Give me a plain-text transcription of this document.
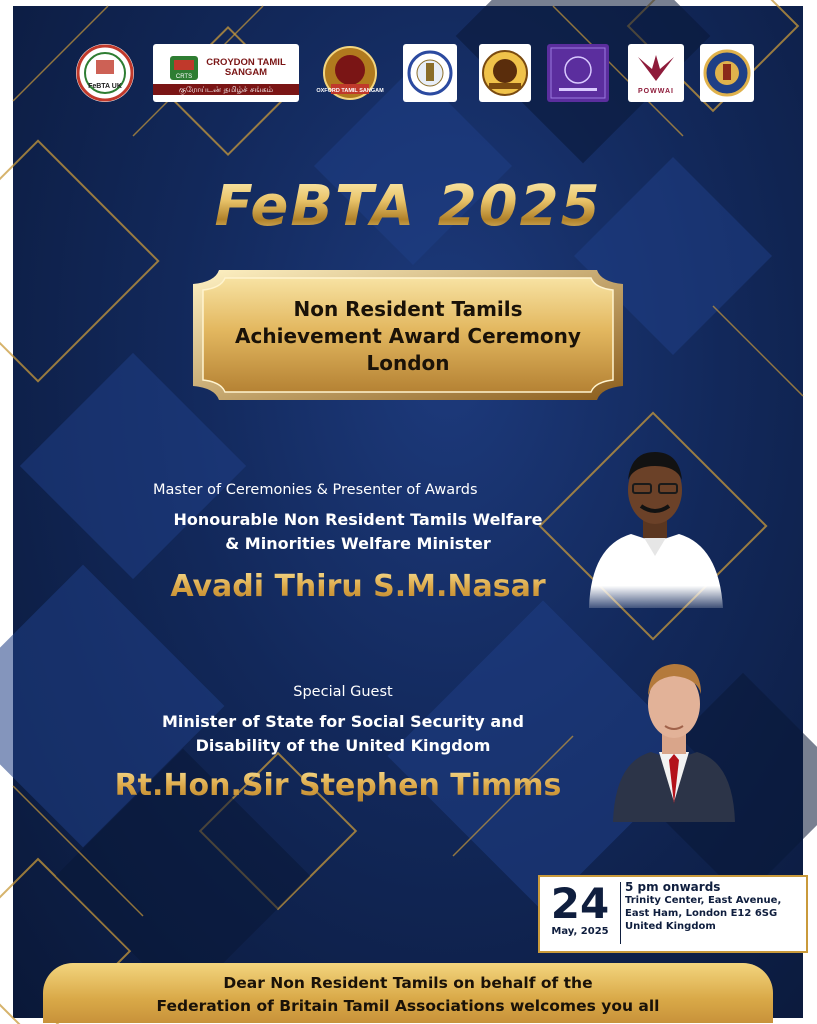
FeBTA UK
CRTS
CROYDON TAMIL SANGAM
குரோய்டன் தமிழ்ச் சங்கம்	OXFORD TAMIL SANGAM	POWWAI
FeBTA 2025
Non Resident Tamils
Achievement Award Ceremony
London
Master of Ceremonies & Presenter of Awards
Honourable Non Resident Tamils Welfare
& Minorities Welfare Minister
Avadi Thiru S.M.Nasar
Special Guest
Minister of State for Social Security and
Disability of the United Kingdom
Rt.Hon.Sir Stephen Timms
24
May, 2025
5 pm onwards
Trinity Center, East Avenue,
East Ham, London E12 6SG
United Kingdom
Dear Non Resident Tamils on behalf of the
Federation of Britain Tamil Associations welcomes you all
